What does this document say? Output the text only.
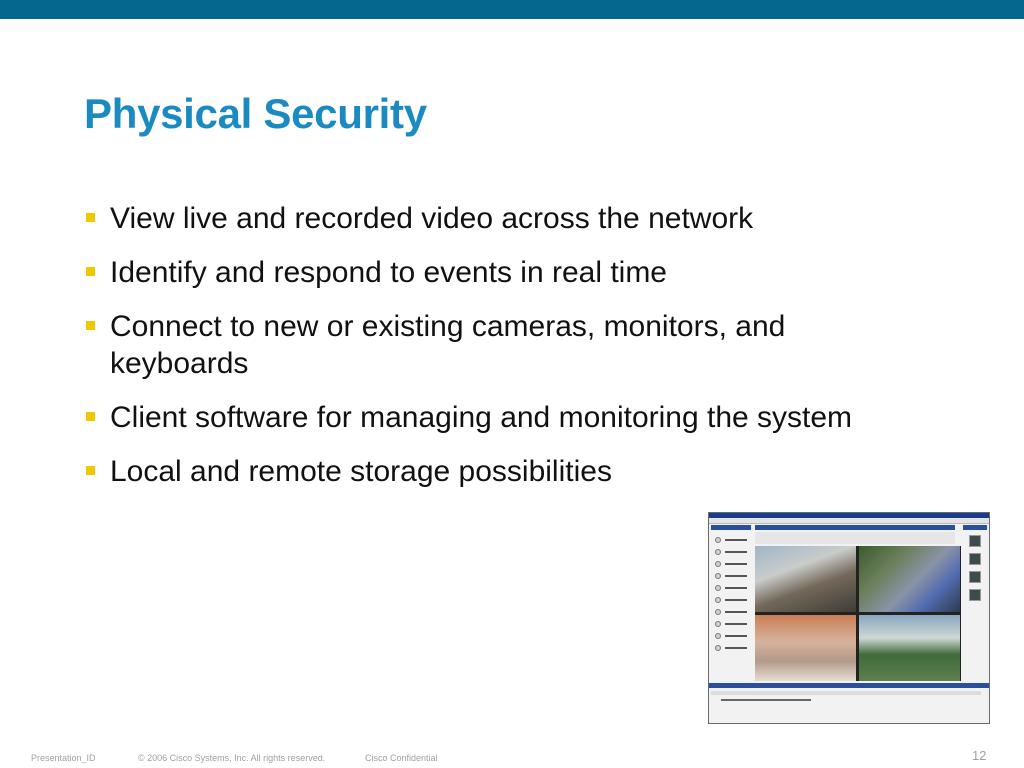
Physical Security
View live and recorded video across the network
Identify and respond to events in real time
Connect to new or existing cameras, monitors, and keyboards
Client software for managing and monitoring the system
Local and remote storage possibilities
Presentation_ID	© 2006 Cisco Systems, Inc. All rights reserved.	Cisco Confidential	12
